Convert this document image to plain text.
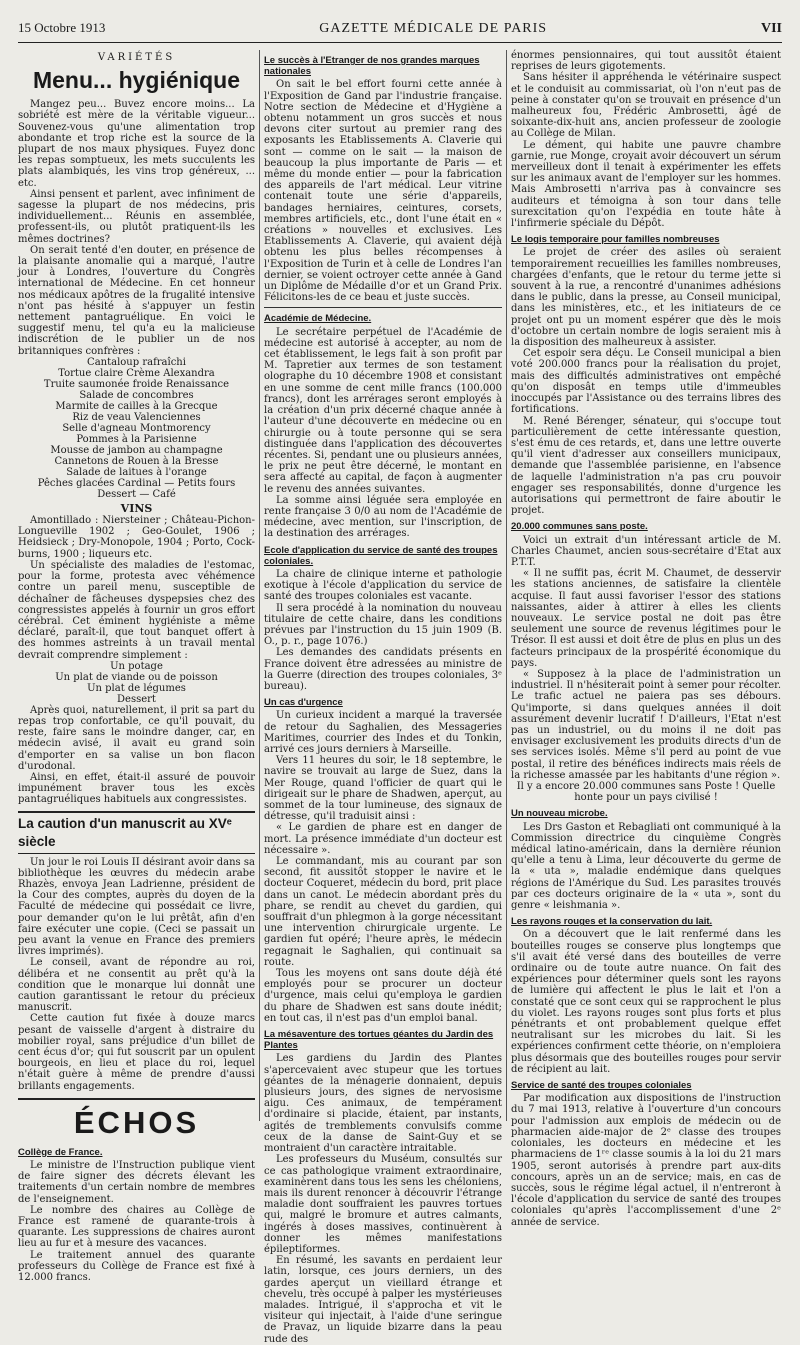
15 Octobre 1913	GAZETTE MÉDICALE DE PARIS	VII
VARIÉTÉS
Menu... hygiénique

Mangez peu... Buvez encore moins... La sobriété est mère de la véritable vigueur... Souvenez-vous qu'une alimentation trop abondante et trop riche est la source de la plupart de nos maux physiques. Fuyez donc les repas somptueux, les mets succulents les plats alambiqués, les vins trop généreux, ... etc.

Ainsi pensent et parlent, avec infiniment de sagesse la plupart de nos médecins, pris individuellement... Réunis en assemblée, professent-ils, ou plutôt pratiquent-ils les mêmes doctrines?

On serait tenté d'en douter, en présence de la plaisante anomalie qui a marqué, l'autre jour à Londres, l'ouverture du Congrès international de Médecine. En cet honneur nos médicaux apôtres de la frugalité intensive n'ont pas hésité à s'appuyer un festin nettement pantagruélique. En voici le suggestif menu, tel qu'a eu la malicieuse indiscrétion de le publier un de nos britanniques confrères :

Cantaloup rafraîchi
Tortue claire Crème Alexandra
Truite saumonée froide Renaissance
Salade de concombres
Marmite de cailles à la Grecque
Riz de veau Valenciennes
Selle d'agneau Montmorency
Pommes à la Parisienne
Mousse de jambon au champagne
Cannetons de Rouen à la Bresse
Salade de laitues à l'orange
Pêches glacées Cardinal — Petits fours
Dessert — Café
VINS

Amontillado : Niersteiner ; Château-Pichon-Longueville 1902 ; Geo-Goulet, 1906 ; Heidsieck ; Dry-Monopole, 1904 ; Porto, Cock-burns, 1900 ; liqueurs etc.

Un spécialiste des maladies de l'estomac, pour la forme, protesta avec véhémence contre un pareil menu, susceptible de déchaîner de fâcheuses dyspepsies chez des congressistes appelés à fournir un gros effort cérébral. Cet éminent hygiéniste a même déclaré, paraît-il, que tout banquet offert à des hommes astreints à un travail mental devrait comprendre simplement :

Un potage
Un plat de viande ou de poisson
Un plat de légumes
Dessert

Après quoi, naturellement, il prit sa part du repas trop confortable, ce qu'il pouvait, du reste, faire sans le moindre danger, car, en médecin avisé, il avait eu grand soin d'emporter en sa valise un bon flacon d'urodonal.

Ainsi, en effet, était-il assuré de pouvoir impunément braver tous les excès pantagruéliques habituels aux congressistes.

La caution d'un manuscrit au XVᵉ siècle

Un jour le roi Louis II désirant avoir dans sa bibliothèque les œuvres du médecin arabe Rhazès, envoya Jean Ladrienne, président de la Cour des comptes, auprès du doyen de la Faculté de médecine qui possédait ce livre, pour demander qu'on le lui prêtât, afin d'en faire exécuter une copie. (Ceci se passait un peu avant la venue en France des premiers livres imprimés).

Le conseil, avant de répondre au roi, délibéra et ne consentit au prêt qu'à la condition que le monarque lui donnât une caution garantissant le retour du précieux manuscrit.

Cette caution fut fixée à douze marcs pesant de vaisselle d'argent à distraire du mobilier royal, sans préjudice d'un billet de cent écus d'or; qui fut souscrit par un opulent bourgeois, en lieu et place du roi, lequel n'était guère à même de prendre d'aussi brillants engagements.

ÉCHOS
Collège de France.

Le ministre de l'Instruction publique vient de faire signer des décrets élevant les traitements d'un certain nombre de membres de l'enseignement.

Le nombre des chaires au Collège de France est ramené de quarante-trois à quarante. Les suppressions de chaires auront lieu au fur et à mesure des vacances.

Le traitement annuel des quarante professeurs du Collège de France est fixé à 12.000 francs.

Le succès à l'Etranger de nos grandes marques nationales

On sait le bel effort fourni cette année à l'Exposition de Gand par l'industrie française. Notre section de Médecine et d'Hygiène a obtenu notamment un gros succès et nous devons citer surtout au premier rang des exposants les Etablissements A. Claverie qui sont — comme on le sait — la maison de beaucoup la plus importante de Paris — et même du monde entier — pour la fabrication des appareils de l'art médical. Leur vitrine contenait toute une série d'appareils, bandages herniaires, ceintures, corsets, membres artificiels, etc., dont l'une était en « créations » nouvelles et exclusives. Les Etablissements A. Claverie, qui avaient déjà obtenu les plus belles récompenses à l'Exposition de Turin et à celle de Londres l'an dernier, se voient octroyer cette année à Gand un Diplôme de Médaille d'or et un Grand Prix. Félicitons-les de ce beau et juste succès.

Académie de Médecine.

Le secrétaire perpétuel de l'Académie de médecine est autorisé à accepter, au nom de cet établissement, le legs fait à son profit par M. Tapretier aux termes de son testament olographe du 10 décembre 1908 et consistant en une somme de cent mille francs (100.000 francs), dont les arrérages seront employés à la création d'un prix décerné chaque année à l'auteur d'une découverte en médecine ou en chirurgie ou à toute personne qui se sera distinguée dans l'application des découvertes récentes. Si, pendant une ou plusieurs années, le prix ne peut être décerné, le montant en sera affecté au capital, de façon à augmenter le revenu des années suivantes.

La somme ainsi léguée sera employée en rente française 3 0/0 au nom de l'Académie de médecine, avec mention, sur l'inscription, de la destination des arrérages.

Ecole d'application du service de santé des troupes coloniales.

La chaire de clinique interne et pathologie exotique à l'école d'application du service de santé des troupes coloniales est vacante.

Il sera procédé à la nomination du nouveau titulaire de cette chaire, dans les conditions prévues par l'instruction du 15 juin 1909 (B. O., p. r., page 1076.)

Les demandes des candidats présents en France doivent être adressées au ministre de la Guerre (direction des troupes coloniales, 3ᵉ bureau).

Un cas d'urgence

Un curieux incident a marqué la traversée de retour du Saghalien, des Messageries Maritimes, courrier des Indes et du Tonkin, arrivé ces jours derniers à Marseille.

Vers 11 heures du soir, le 18 septembre, le navire se trouvait au large de Suez, dans la Mer Rouge, quand l'officier de quart qui le dirigeait sur le phare de Shadwen, aperçut, au sommet de la tour lumineuse, des signaux de détresse, qu'il traduisit ainsi :

« Le gardien de phare est en danger de mort. La présence immédiate d'un docteur est nécessaire ».

Le commandant, mis au courant par son second, fit aussitôt stopper le navire et le docteur Coqueret, médecin du bord, prit place dans un canot. Le médecin abordant près du phare, se rendit au chevet du gardien, qui souffrait d'un phlegmon à la gorge nécessitant une intervention chirurgicale urgente. Le gardien fut opéré; l'heure après, le médecin regagnait le Saghalien, qui continuait sa route.

Tous les moyens ont sans doute déjà été employés pour se procurer un docteur d'urgence, mais celui qu'employa le gardien du phare de Shadwen est sans doute inédit; en tout cas, il n'est pas d'un emploi banal.

La mésaventure des tortues géantes du Jardin des Plantes

Les gardiens du Jardin des Plantes s'apercevaient avec stupeur que les tortues géantes de la ménagerie donnaient, depuis plusieurs jours, des signes de nervosisme aigu. Ces animaux, de tempérament d'ordinaire si placide, étaient, par instants, agités de tremblements convulsifs comme ceux de la danse de Saint-Guy et se montraient d'un caractère intraitable.

Les professeurs du Muséum, consultés sur ce cas pathologique vraiment extraordinaire, examinèrent dans tous les sens les chéloniens, mais ils durent renoncer à découvrir l'étrange maladie dont souffraient les pauvres tortues qui, malgré le bromure et autres calmants, ingérés à doses massives, continuèrent à donner les mêmes manifestations épileptiformes.

En résumé, les savants en perdaient leur latin, lorsque, ces jours derniers, un des gardes aperçut un vieillard étrange et chevelu, très occupé à palper les mystérieuses malades. Intrigué, il s'approcha et vit le visiteur qui injectait, à l'aide d'une seringue de Pravaz, un liquide bizarre dans la peau rude des

énormes pensionnaires, qui tout aussitôt étaient reprises de leurs gigotements.

Sans hésiter il appréhenda le vétérinaire suspect et le conduisit au commissariat, où l'on n'eut pas de peine à constater qu'on se trouvait en présence d'un malheureux fou, Frédéric Ambrosetti, âgé de soixante-dix-huit ans, ancien professeur de zoologie au Collège de Milan.

Le dément, qui habite une pauvre chambre garnie, rue Monge, croyait avoir découvert un sérum merveilleux dont il tenait à expérimenter les effets sur les animaux avant de l'employer sur les hommes. Mais Ambrosetti n'arriva pas à convaincre ses auditeurs et témoigna à son tour dans telle surexcitation qu'on l'expédia en toute hâte à l'infirmerie spéciale du Dépôt.

Le logis temporaire pour familles nombreuses

Le projet de créer des asiles où seraient temporairement recueillies les familles nombreuses, chargées d'enfants, que le retour du terme jette si souvent à la rue, a rencontré d'unanimes adhésions dans le public, dans la presse, au Conseil municipal, dans les ministères, etc., et les initiateurs de ce projet ont pu un moment espérer que dès le mois d'octobre un certain nombre de logis seraient mis à la disposition des malheureux à assister.

Cet espoir sera déçu. Le Conseil municipal a bien voté 200.000 francs pour la réalisation du projet, mais des difficultés administratives ont empêché qu'on disposât en temps utile d'immeubles inoccupés par l'Assistance ou des terrains libres des fortifications.

M. René Bérenger, sénateur, qui s'occupe tout particulièrement de cette intéressante question, s'est ému de ces retards, et, dans une lettre ouverte qu'il vient d'adresser aux conseillers municipaux, demande que l'assemblée parisienne, en l'absence de laquelle l'administration n'a pas cru pouvoir engager ses responsabilités, donne d'urgence les autorisations qui permettront de faire aboutir le projet.

20.000 communes sans poste.

Voici un extrait d'un intéressant article de M. Charles Chaumet, ancien sous-secrétaire d'Etat aux P.T.T.

« Il ne suffit pas, écrit M. Chaumet, de desservir les stations anciennes, de satisfaire la clientèle acquise. Il faut aussi favoriser l'essor des stations naissantes, aider à attirer à elles les clients nouveaux. Le service postal ne doit pas être seulement une source de revenus légitimes pour le Trésor. Il est aussi et doit être de plus en plus un des facteurs principaux de la prospérité économique du pays.

« Supposez à la place de l'administration un industriel. Il n'hésiterait point à semer pour récolter. Le trafic actuel ne paiera pas ses débours. Qu'importe, si dans quelques années il doit assurément devenir lucratif ! D'ailleurs, l'Etat n'est pas un industriel, ou du moins il ne doit pas envisager exclusivement les produits directs d'un de ses services isolés. Même s'il perd au point de vue postal, il retire des bénéfices indirects mais réels de la richesse amassée par les habitants d'une région ».

Il y a encore 20.000 communes sans Poste ! Quelle honte pour un pays civilisé !

Un nouveau microbe.

Les Drs Gaston et Rebagliati ont communiqué à la Commission directrice du cinquième Congrès médical latino-américain, dans la dernière réunion qu'elle a tenu à Lima, leur découverte du germe de la « uta », maladie endémique dans quelques régions de l'Amérique du Sud. Les parasites trouvés par ces docteurs originaire de la « uta », sont du genre « leishmania ».

Les rayons rouges et la conservation du lait.

On a découvert que le lait renfermé dans les bouteilles rouges se conserve plus longtemps que s'il avait été versé dans des bouteilles de verre ordinaire ou de toute autre nuance. On fait des expériences pour déterminer quels sont les rayons de lumière qui affectent le plus le lait et l'on a constaté que ce sont ceux qui se rapprochent le plus du violet. Les rayons rouges sont plus forts et plus pénétrants et ont probablement quelque effet neutralisant sur les microbes du lait. Si les expériences confirment cette théorie, on n'emploiera plus désormais que des bouteilles rouges pour servir de récipient au lait.

Service de santé des troupes coloniales

Par modification aux dispositions de l'instruction du 7 mai 1913, relative à l'ouverture d'un concours pour l'admission aux emplois de médecin ou de pharmacien aide-major de 2ᵉ classe des troupes coloniales, les docteurs en médecine et les pharmaciens de 1ʳᵉ classe soumis à la loi du 21 mars 1905, seront autorisés à prendre part aux-dits concours, après un an de service; mais, en cas de succès, sous le régime légal actuel, il n'entreront à l'école d'application du service de santé des troupes coloniales qu'après l'accomplissement d'une 2ᵉ année de service.
